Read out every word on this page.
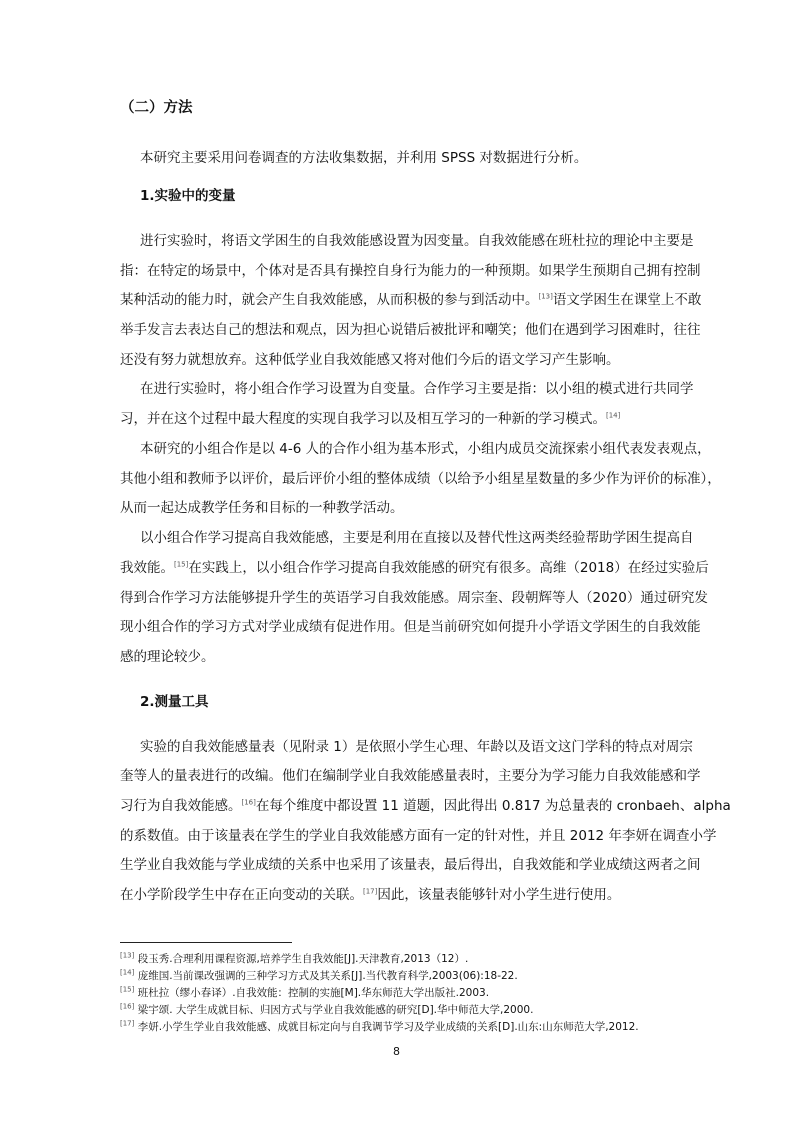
（二）方法
本研究主要采用问卷调查的方法收集数据，并利用 SPSS 对数据进行分析。
1.实验中的变量
进行实验时，将语文学困生的自我效能感设置为因变量。自我效能感在班杜拉的理论中主要是
指：在特定的场景中，个体对是否具有操控自身行为能力的一种预期。如果学生预期自己拥有控制
某种活动的能力时，就会产生自我效能感，从而积极的参与到活动中。[13]语文学困生在课堂上不敢
举手发言去表达自己的想法和观点，因为担心说错后被批评和嘲笑；他们在遇到学习困难时，往往
还没有努力就想放弃。这种低学业自我效能感又将对他们今后的语文学习产生影响。
在进行实验时，将小组合作学习设置为自变量。合作学习主要是指：以小组的模式进行共同学
习，并在这个过程中最大程度的实现自我学习以及相互学习的一种新的学习模式。[14]
本研究的小组合作是以 4-6 人的合作小组为基本形式，小组内成员交流探索小组代表发表观点，
其他小组和教师予以评价，最后评价小组的整体成绩（以给予小组星星数量的多少作为评价的标准），
从而一起达成教学任务和目标的一种教学活动。
以小组合作学习提高自我效能感，主要是利用在直接以及替代性这两类经验帮助学困生提高自
我效能。[15]在实践上，以小组合作学习提高自我效能感的研究有很多。高维（2018）在经过实验后
得到合作学习方法能够提升学生的英语学习自我效能感。周宗奎、段朝辉等人（2020）通过研究发
现小组合作的学习方式对学业成绩有促进作用。但是当前研究如何提升小学语文学困生的自我效能
感的理论较少。
2.测量工具
实验的自我效能感量表（见附录 1）是依照小学生心理、年龄以及语文这门学科的特点对周宗
奎等人的量表进行的改编。他们在编制学业自我效能感量表时，主要分为学习能力自我效能感和学
习行为自我效能感。[16]在每个维度中都设置 11 道题，因此得出 0.817 为总量表的 cronbaeh、alpha
的系数值。由于该量表在学生的学业自我效能感方面有一定的针对性，并且 2012 年李妍在调查小学
生学业自我效能与学业成绩的关系中也采用了该量表，最后得出，自我效能和学业成绩这两者之间
在小学阶段学生中存在正向变动的关联。[17]因此，该量表能够针对小学生进行使用。
[13] 段玉秀.合理利用课程资源,培养学生自我效能[J].天津教育,2013（12）.
[14] 庞维国.当前课改强调的三种学习方式及其关系[J].当代教育科学,2003(06):18-22.
[15] 班杜拉（缪小春译）.自我效能：控制的实施[M].华东师范大学出版社.2003.
[16] 梁宇颂. 大学生成就目标、归因方式与学业自我效能感的研究[D].华中师范大学,2000.
[17] 李妍.小学生学业自我效能感、成就目标定向与自我调节学习及学业成绩的关系[D].山东:山东师范大学,2012.
8
